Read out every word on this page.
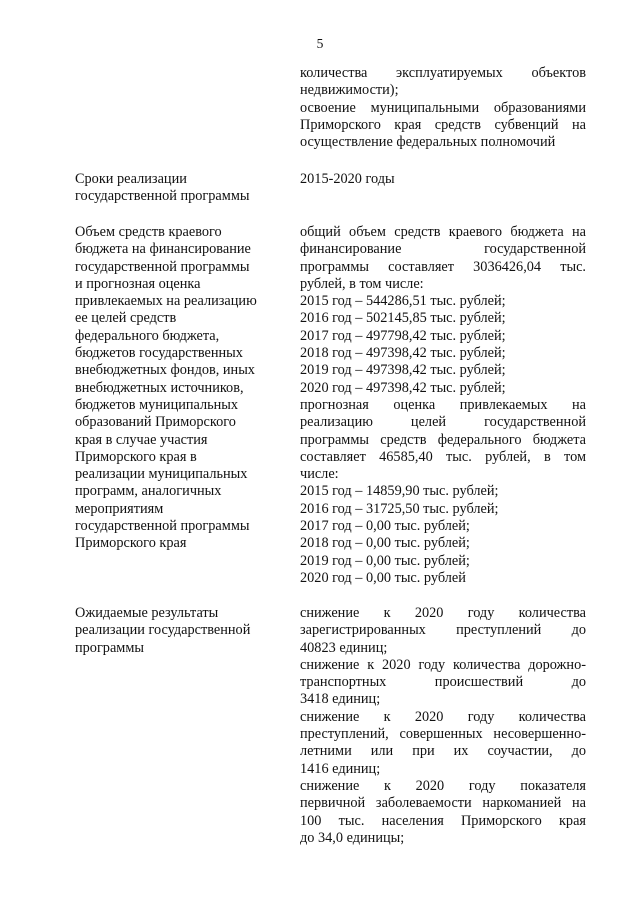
5
количества эксплуатируемых объектов
недвижимости);
освоение муниципальными образованиями
Приморского края средств субвенций на
осуществление федеральных полномочий
Сроки реализации
государственной программы
2015-2020 годы
Объем средств краевого
бюджета на финансирование
государственной программы
и прогнозная оценка
привлекаемых на реализацию
ее целей средств
федерального бюджета,
бюджетов государственных
внебюджетных фондов, иных
внебюджетных источников,
бюджетов муниципальных
образований Приморского
края в случае участия
Приморского края в
реализации муниципальных
программ, аналогичных
мероприятиям
государственной программы
Приморского края
общий объем средств краевого бюджета на
финансирование государственной
программы составляет 3036426,04 тыс.
рублей, в том числе:
2015 год – 544286,51 тыс. рублей;
2016 год – 502145,85 тыс. рублей;
2017 год – 497798,42 тыс. рублей;
2018 год – 497398,42 тыс. рублей;
2019 год – 497398,42 тыс. рублей;
2020 год – 497398,42 тыс. рублей;
прогнозная оценка привлекаемых на
реализацию целей государственной
программы средств федерального бюджета
составляет 46585,40 тыс. рублей, в том
числе:
2015 год – 14859,90 тыс. рублей;
2016 год – 31725,50 тыс. рублей;
2017 год – 0,00 тыс. рублей;
2018 год – 0,00 тыс. рублей;
2019 год – 0,00 тыс. рублей;
2020 год – 0,00 тыс. рублей
Ожидаемые результаты
реализации государственной
программы
снижение к 2020 году количества
зарегистрированных преступлений до
40823 единиц;
снижение к 2020 году количества дорожно-
транспортных происшествий до
3418 единиц;
снижение к 2020 году количества
преступлений, совершенных несовершенно-
летними или при их соучастии, до
1416 единиц;
снижение к 2020 году показателя
первичной заболеваемости наркоманией на
100 тыс. населения Приморского края
до 34,0 единицы;
